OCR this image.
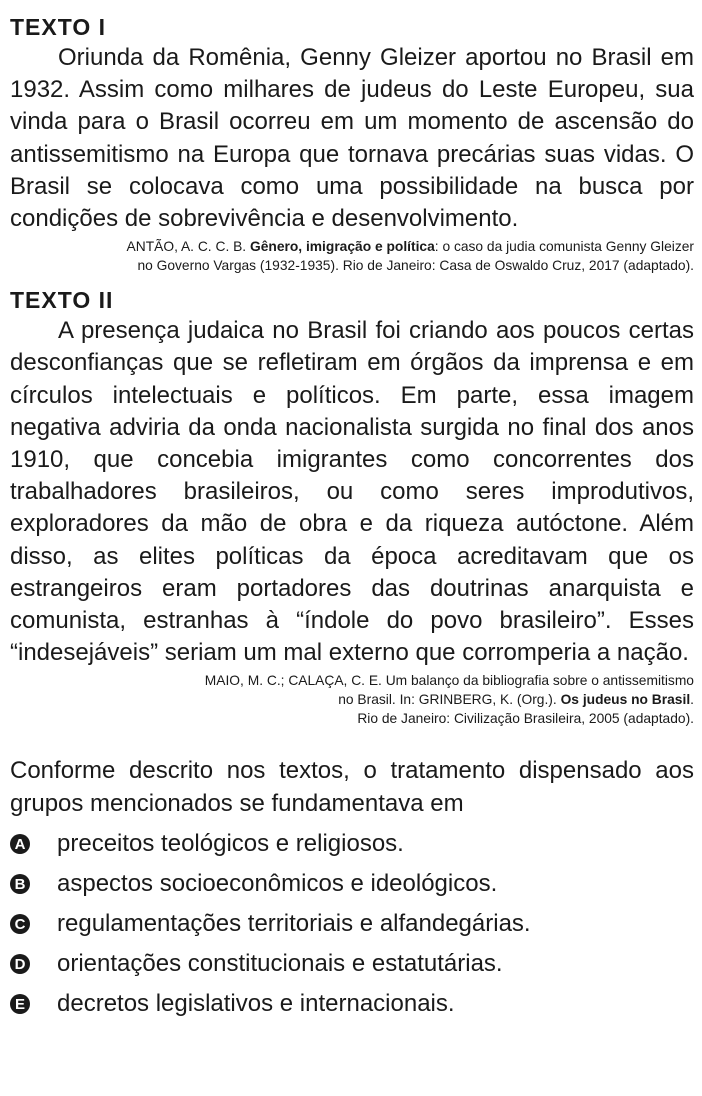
TEXTO I

Oriunda da Romênia, Genny Gleizer aportou no Brasil em 1932. Assim como milhares de judeus do Leste Europeu, sua vinda para o Brasil ocorreu em um momento de ascensão do antissemitismo na Europa que tornava precárias suas vidas. O Brasil se colocava como uma possibilidade na busca por condições de sobrevivência e desenvolvimento.

ANTÃO, A. C. C. B. Gênero, imigração e política: o caso da judia comunista Genny Gleizer
no Governo Vargas (1932-1935). Rio de Janeiro: Casa de Oswaldo Cruz, 2017 (adaptado).
TEXTO II

A presença judaica no Brasil foi criando aos poucos certas desconfianças que se refletiram em órgãos da imprensa e em círculos intelectuais e políticos. Em parte, essa imagem negativa adviria da onda nacionalista surgida no final dos anos 1910, que concebia imigrantes como concorrentes dos trabalhadores brasileiros, ou como seres improdutivos, exploradores da mão de obra e da riqueza autóctone. Além disso, as elites políticas da época acreditavam que os estrangeiros eram portadores das doutrinas anarquista e comunista, estranhas à “índole do povo brasileiro”. Esses “indesejáveis” seriam um mal externo que corromperia a nação.

MAIO, M. C.; CALAÇA, C. E. Um balanço da bibliografia sobre o antissemitismo
no Brasil. In: GRINBERG, K. (Org.). Os judeus no Brasil.
Rio de Janeiro: Civilização Brasileira, 2005 (adaptado).

Conforme descrito nos textos, o tratamento dispensado aos grupos mencionados se fundamentava em

A preceitos teológicos e religiosos.
B aspectos socioeconômicos e ideológicos.
C regulamentações territoriais e alfandegárias.
D orientações constitucionais e estatutárias.
E decretos legislativos e internacionais.
